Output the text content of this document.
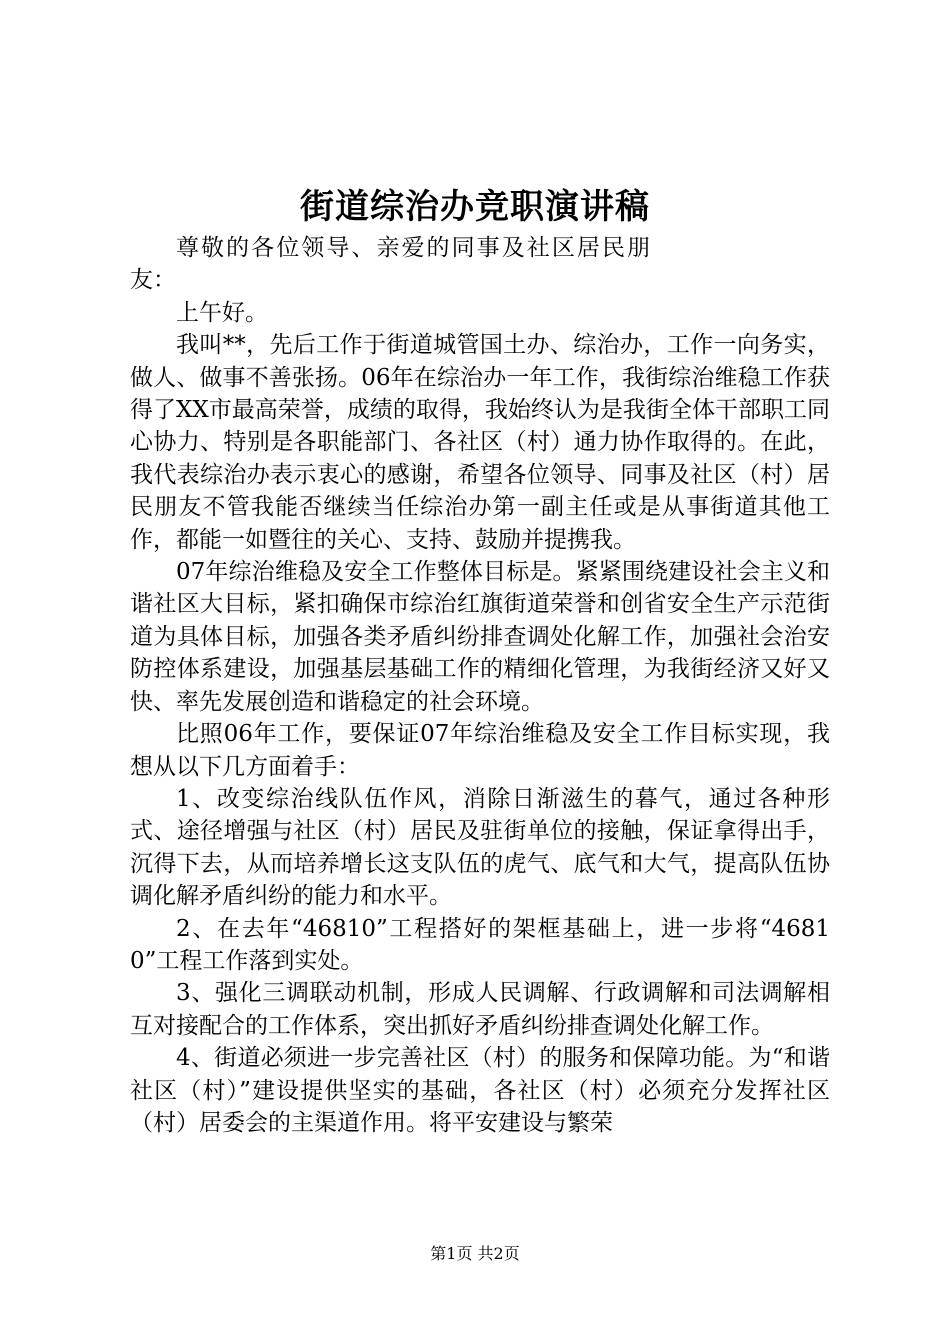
街道综治办竞职演讲稿

尊敬的各位领导、亲爱的同事及社区居民朋友：

上午好。

我叫**，先后工作于街道城管国土办、综治办，工作一向务实，做人、做事不善张扬。06年在综治办一年工作，我街综治维稳工作获得了XX市最高荣誉，成绩的取得，我始终认为是我街全体干部职工同心协力、特别是各职能部门、各社区（村）通力协作取得的。在此，我代表综治办表示衷心的感谢，希望各位领导、同事及社区（村）居民朋友不管我能否继续当任综治办第一副主任或是从事街道其他工作，都能一如暨往的关心、支持、鼓励并提携我。

07年综治维稳及安全工作整体目标是。紧紧围绕建设社会主义和谐社区大目标，紧扣确保市综治红旗街道荣誉和创省安全生产示范街道为具体目标，加强各类矛盾纠纷排查调处化解工作，加强社会治安防控体系建设，加强基层基础工作的精细化管理，为我街经济又好又快、率先发展创造和谐稳定的社会环境。

比照06年工作，要保证07年综治维稳及安全工作目标实现，我想从以下几方面着手：

1、改变综治线队伍作风，消除日渐滋生的暮气，通过各种形式、途径增强与社区（村）居民及驻街单位的接触，保证拿得出手，沉得下去，从而培养增长这支队伍的虎气、底气和大气，提高队伍协调化解矛盾纠纷的能力和水平。

2、在去年“46810”工程搭好的架框基础上，进一步将“46810”工程工作落到实处。

3、强化三调联动机制，形成人民调解、行政调解和司法调解相互对接配合的工作体系，突出抓好矛盾纠纷排查调处化解工作。

4、街道必须进一步完善社区（村）的服务和保障功能。为“和谐社区（村）”建设提供坚实的基础，各社区（村）必须充分发挥社区（村）居委会的主渠道作用。将平安建设与繁荣

第1页 共2页
